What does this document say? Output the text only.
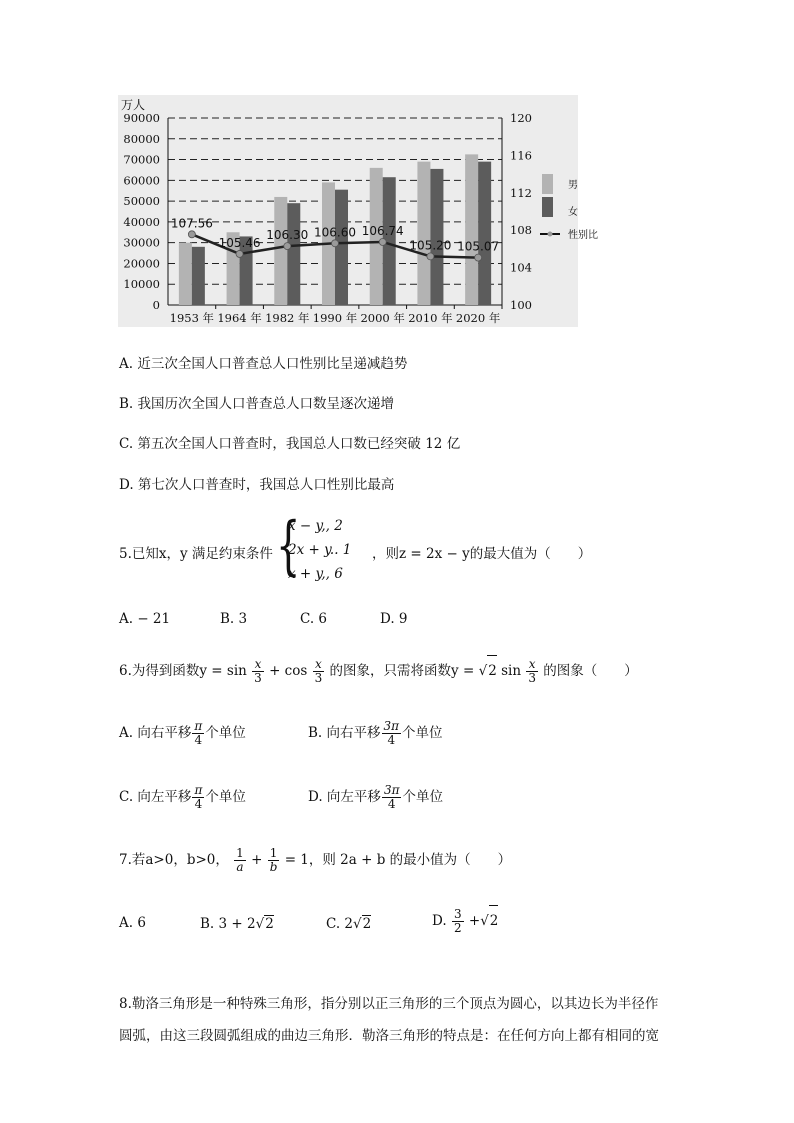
万人
0
10000
20000
30000
40000
50000
60000
70000
80000
90000
100
104
108
112
116
120
1953 年 1964 年 1982 年 1990 年 2000 年 2010 年 2020 年
107.56
105.46
106.30 106.60 106.74
105.20 105.07
男
女
性别比
A. 近三次全国人口普查总人口性别比呈递减趋势
B. 我国历次全国人口普查总人口数呈逐次递增
C. 第五次全国人口普查时，我国总人口数已经突破 12 亿
D. 第七次人口普查时，我国总人口性别比最高
5.已知x，y 满足约束条件 {
x − y,, 2
2x + y.. 1
x + y,, 6
，则z = 2x − y的最大值为（　　）
A. − 21	B. 3	C. 6	D. 9
6.为得到函数$y = \sin \frac{x}{3} + \cos \frac{x}{3}$ 的图象，只需将函数y = √2 $\sin \frac{x}{3}$ 的图象（　　）
A. 向右平移 $\frac{\pi}{4}$ 个单位	B. 向右平移 $\frac{3\pi}{4}$ 个单位
C. 向左平移 $\frac{\pi}{4}$ 个单位	D. 向左平移 $\frac{3\pi}{4}$ 个单位
7.若a>0，b>0， $\frac{1}{a} + \frac{1}{b} = 1$，则 2a + b 的最小值为（　　）
A. 6	B. 3 + 2√2	C. 2√2	D. $\frac{3}{2} +√2$
8.勒洛三角形是一种特殊三角形，指分别以正三角形的三个顶点为圆心，以其边长为半径作
圆弧，由这三段圆弧组成的曲边三角形．勒洛三角形的特点是：在任何方向上都有相同的宽
